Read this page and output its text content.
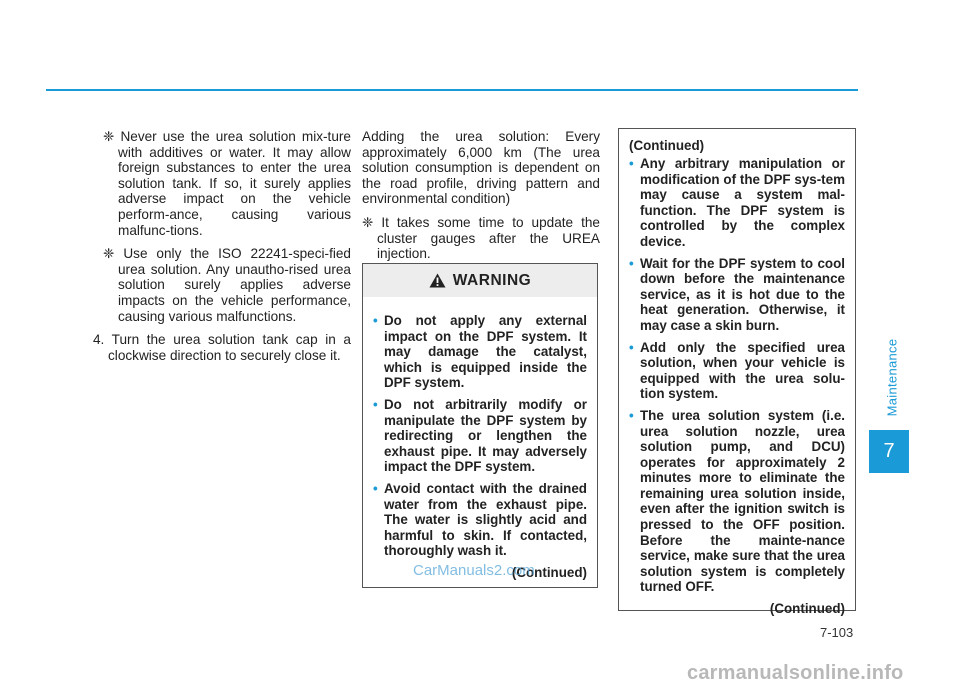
❈ Never use the urea solution mix-ture with additives or water. It may allow foreign substances to enter the urea solution tank. If so, it surely applies adverse impact on the vehicle perform-ance, causing various malfunc-tions.

❈ Use only the ISO 22241-speci-fied urea solution. Any unautho-rised urea solution surely applies adverse impacts on the vehicle performance, causing various malfunctions.

4. Turn the urea solution tank cap in a clockwise direction to securely close it.

Adding the urea solution: Every approximately 6,000 km (The urea solution consumption is dependent on the road profile, driving pattern and environmental condition)

❈ It takes some time to update the cluster gauges after the UREA injection.

WARNING
• Do not apply any external impact on the DPF system. It may damage the catalyst, which is equipped inside the DPF system.
• Do not arbitrarily modify or manipulate the DPF system by redirecting or lengthen the exhaust pipe. It may adversely impact the DPF system.
• Avoid contact with the drained water from the exhaust pipe. The water is slightly acid and harmful to skin. If contacted, thoroughly wash it.
(Continued)
(Continued)
• Any arbitrary manipulation or modification of the DPF sys-tem may cause a system mal-function. The DPF system is controlled by the complex device.
• Wait for the DPF system to cool down before the maintenance service, as it is hot due to the heat generation. Otherwise, it may case a skin burn.
• Add only the specified urea solution, when your vehicle is equipped with the urea solu-tion system.
• The urea solution system (i.e. urea solution nozzle, urea solution pump, and DCU) operates for approximately 2 minutes more to eliminate the remaining urea solution inside, even after the ignition switch is pressed to the OFF position. Before the mainte-nance service, make sure that the urea solution system is completely turned OFF.
(Continued)
Maintenance
7
7-103
CarManuals2.com
carmanualsonline.info
